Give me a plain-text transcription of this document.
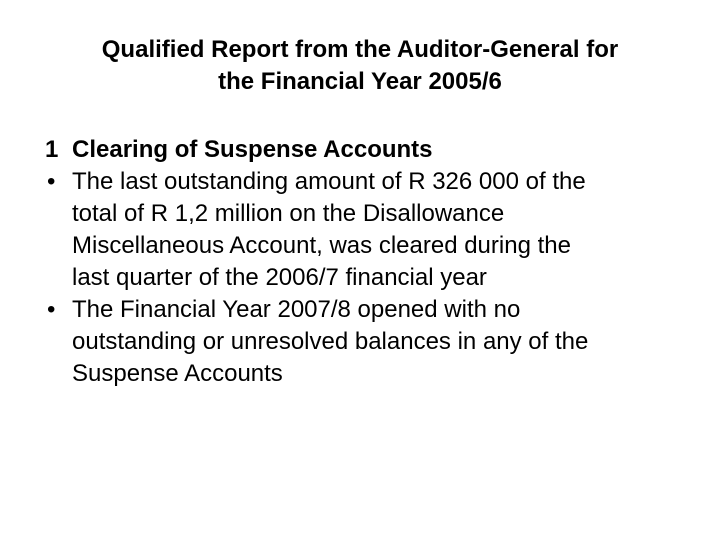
Qualified Report from the Auditor-General for
the Financial Year 2005/6
1 Clearing of Suspense Accounts
• The last outstanding amount of R 326 000 of the
total of R 1,2 million on the Disallowance
Miscellaneous Account, was cleared during the
last quarter of the 2006/7 financial year
• The Financial Year 2007/8 opened with no
outstanding or unresolved balances in any of the
Suspense Accounts
